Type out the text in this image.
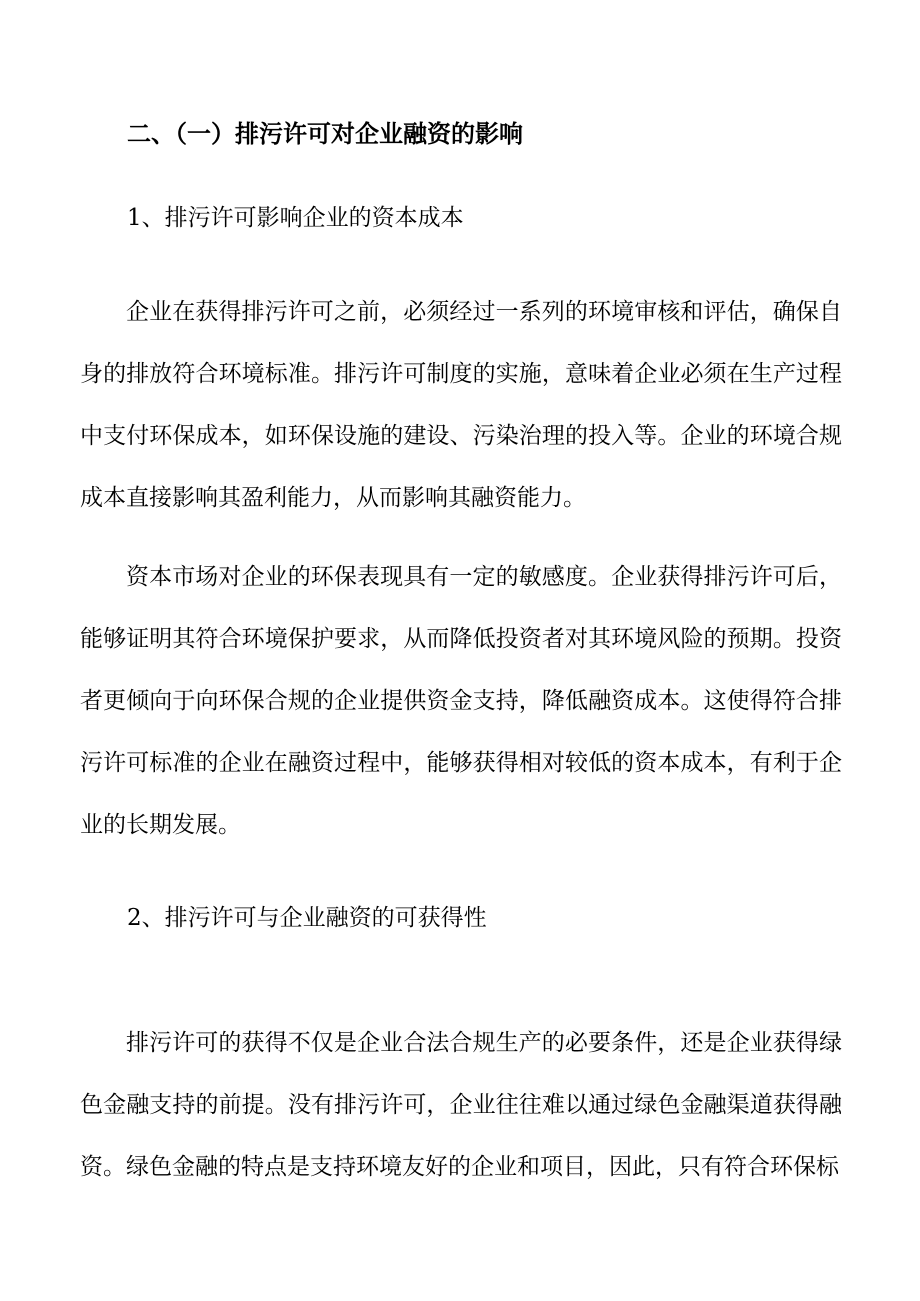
二、（一）排污许可对企业融资的影响
1、排污许可影响企业的资本成本

企业在获得排污许可之前，必须经过一系列的环境审核和评估，确保自身的排放符合环境标准。排污许可制度的实施，意味着企业必须在生产过程中支付环保成本，如环保设施的建设、污染治理的投入等。企业的环境合规成本直接影响其盈利能力，从而影响其融资能力。

资本市场对企业的环保表现具有一定的敏感度。企业获得排污许可后，能够证明其符合环境保护要求，从而降低投资者对其环境风险的预期。投资者更倾向于向环保合规的企业提供资金支持，降低融资成本。这使得符合排污许可标准的企业在融资过程中，能够获得相对较低的资本成本，有利于企业的长期发展。

2、排污许可与企业融资的可获得性

排污许可的获得不仅是企业合法合规生产的必要条件，还是企业获得绿色金融支持的前提。没有排污许可，企业往往难以通过绿色金融渠道获得融资。绿色金融的特点是支持环境友好的企业和项目，因此，只有符合环保标
